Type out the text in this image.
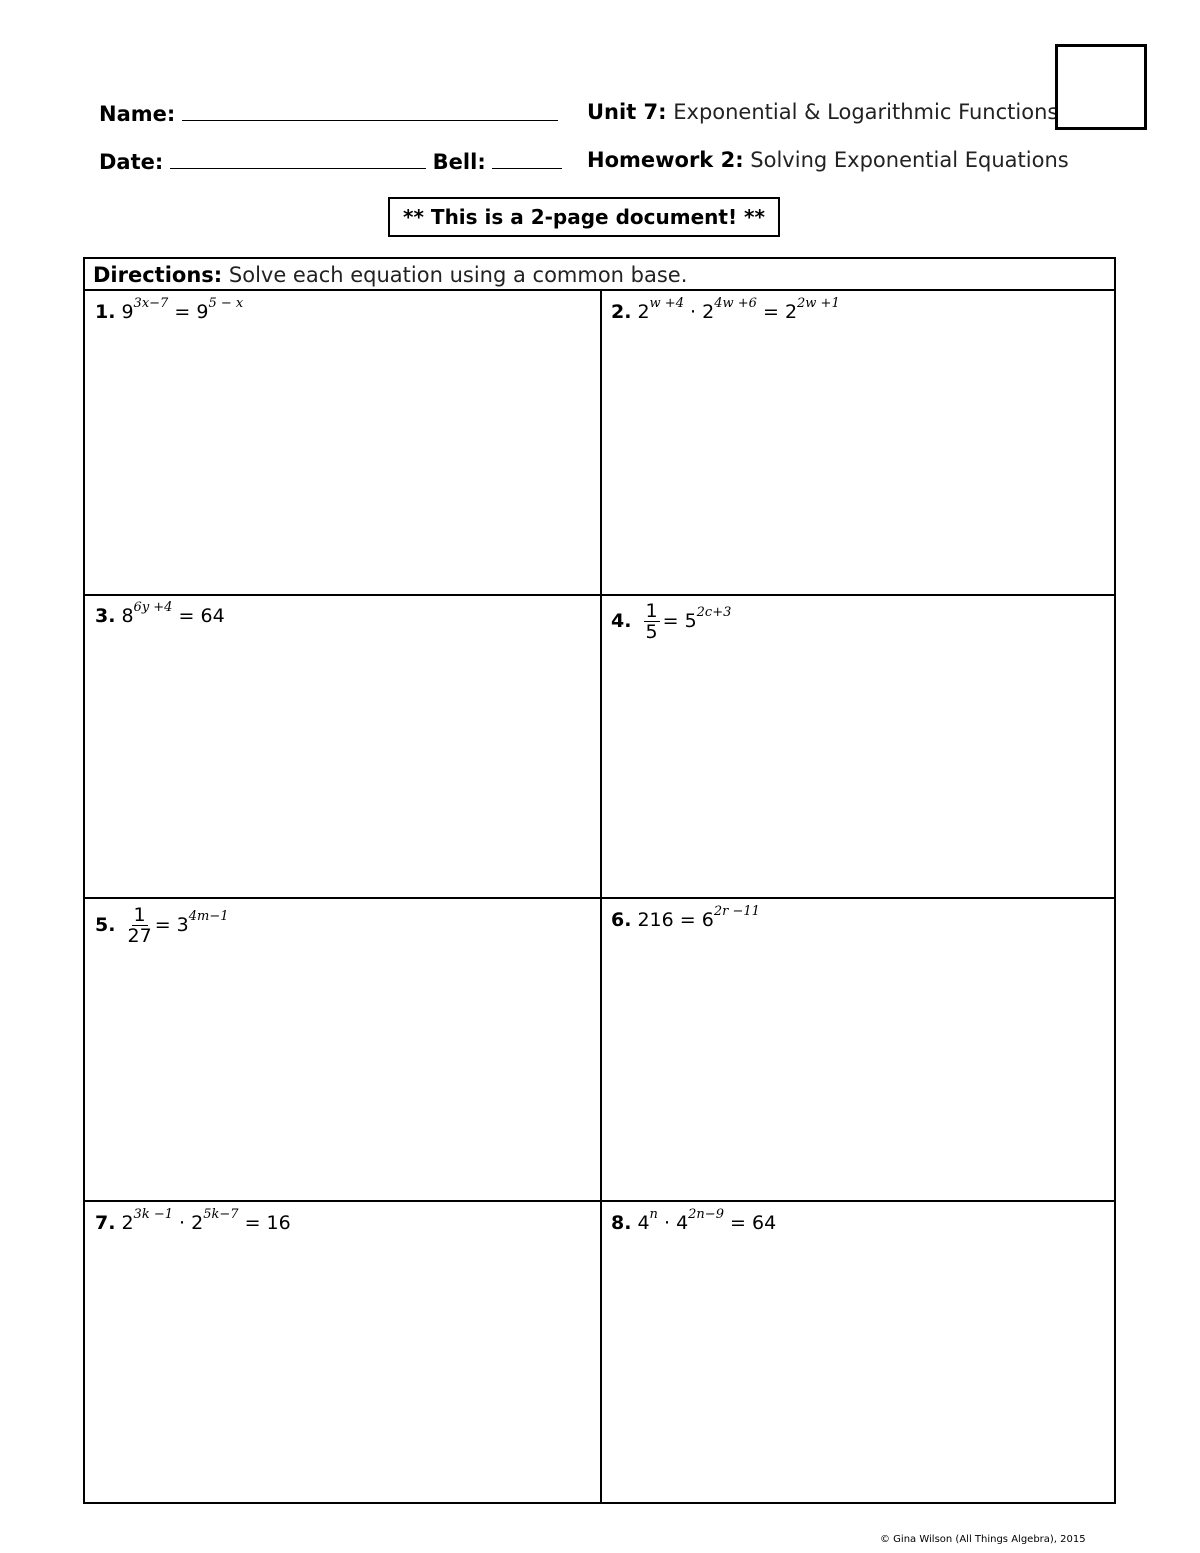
Name:
Date:	Bell:
Unit 7: Exponential & Logarithmic Functions
Homework 2: Solving Exponential Equations
** This is a 2-page document! **
Directions: Solve each equation using a common base.
1. $9^{3x-7} = 9^{5 - x}$	2. $2^{w +4} \cdot 2^{4w +6} = 2^{2w +1}$
3. $8^{6y +4} = 64$	4. $\frac{1}{5} = 5^{2c+3}$
5. $\frac{1}{27} = 3^{4m-1}$	6. $216 = 6^{2r -11}$
7. $2^{3k -1} \cdot 2^{5k-7} = 16$	8. $4^n \cdot 4^{2n-9} = 64$
© Gina Wilson (All Things Algebra), 2015
